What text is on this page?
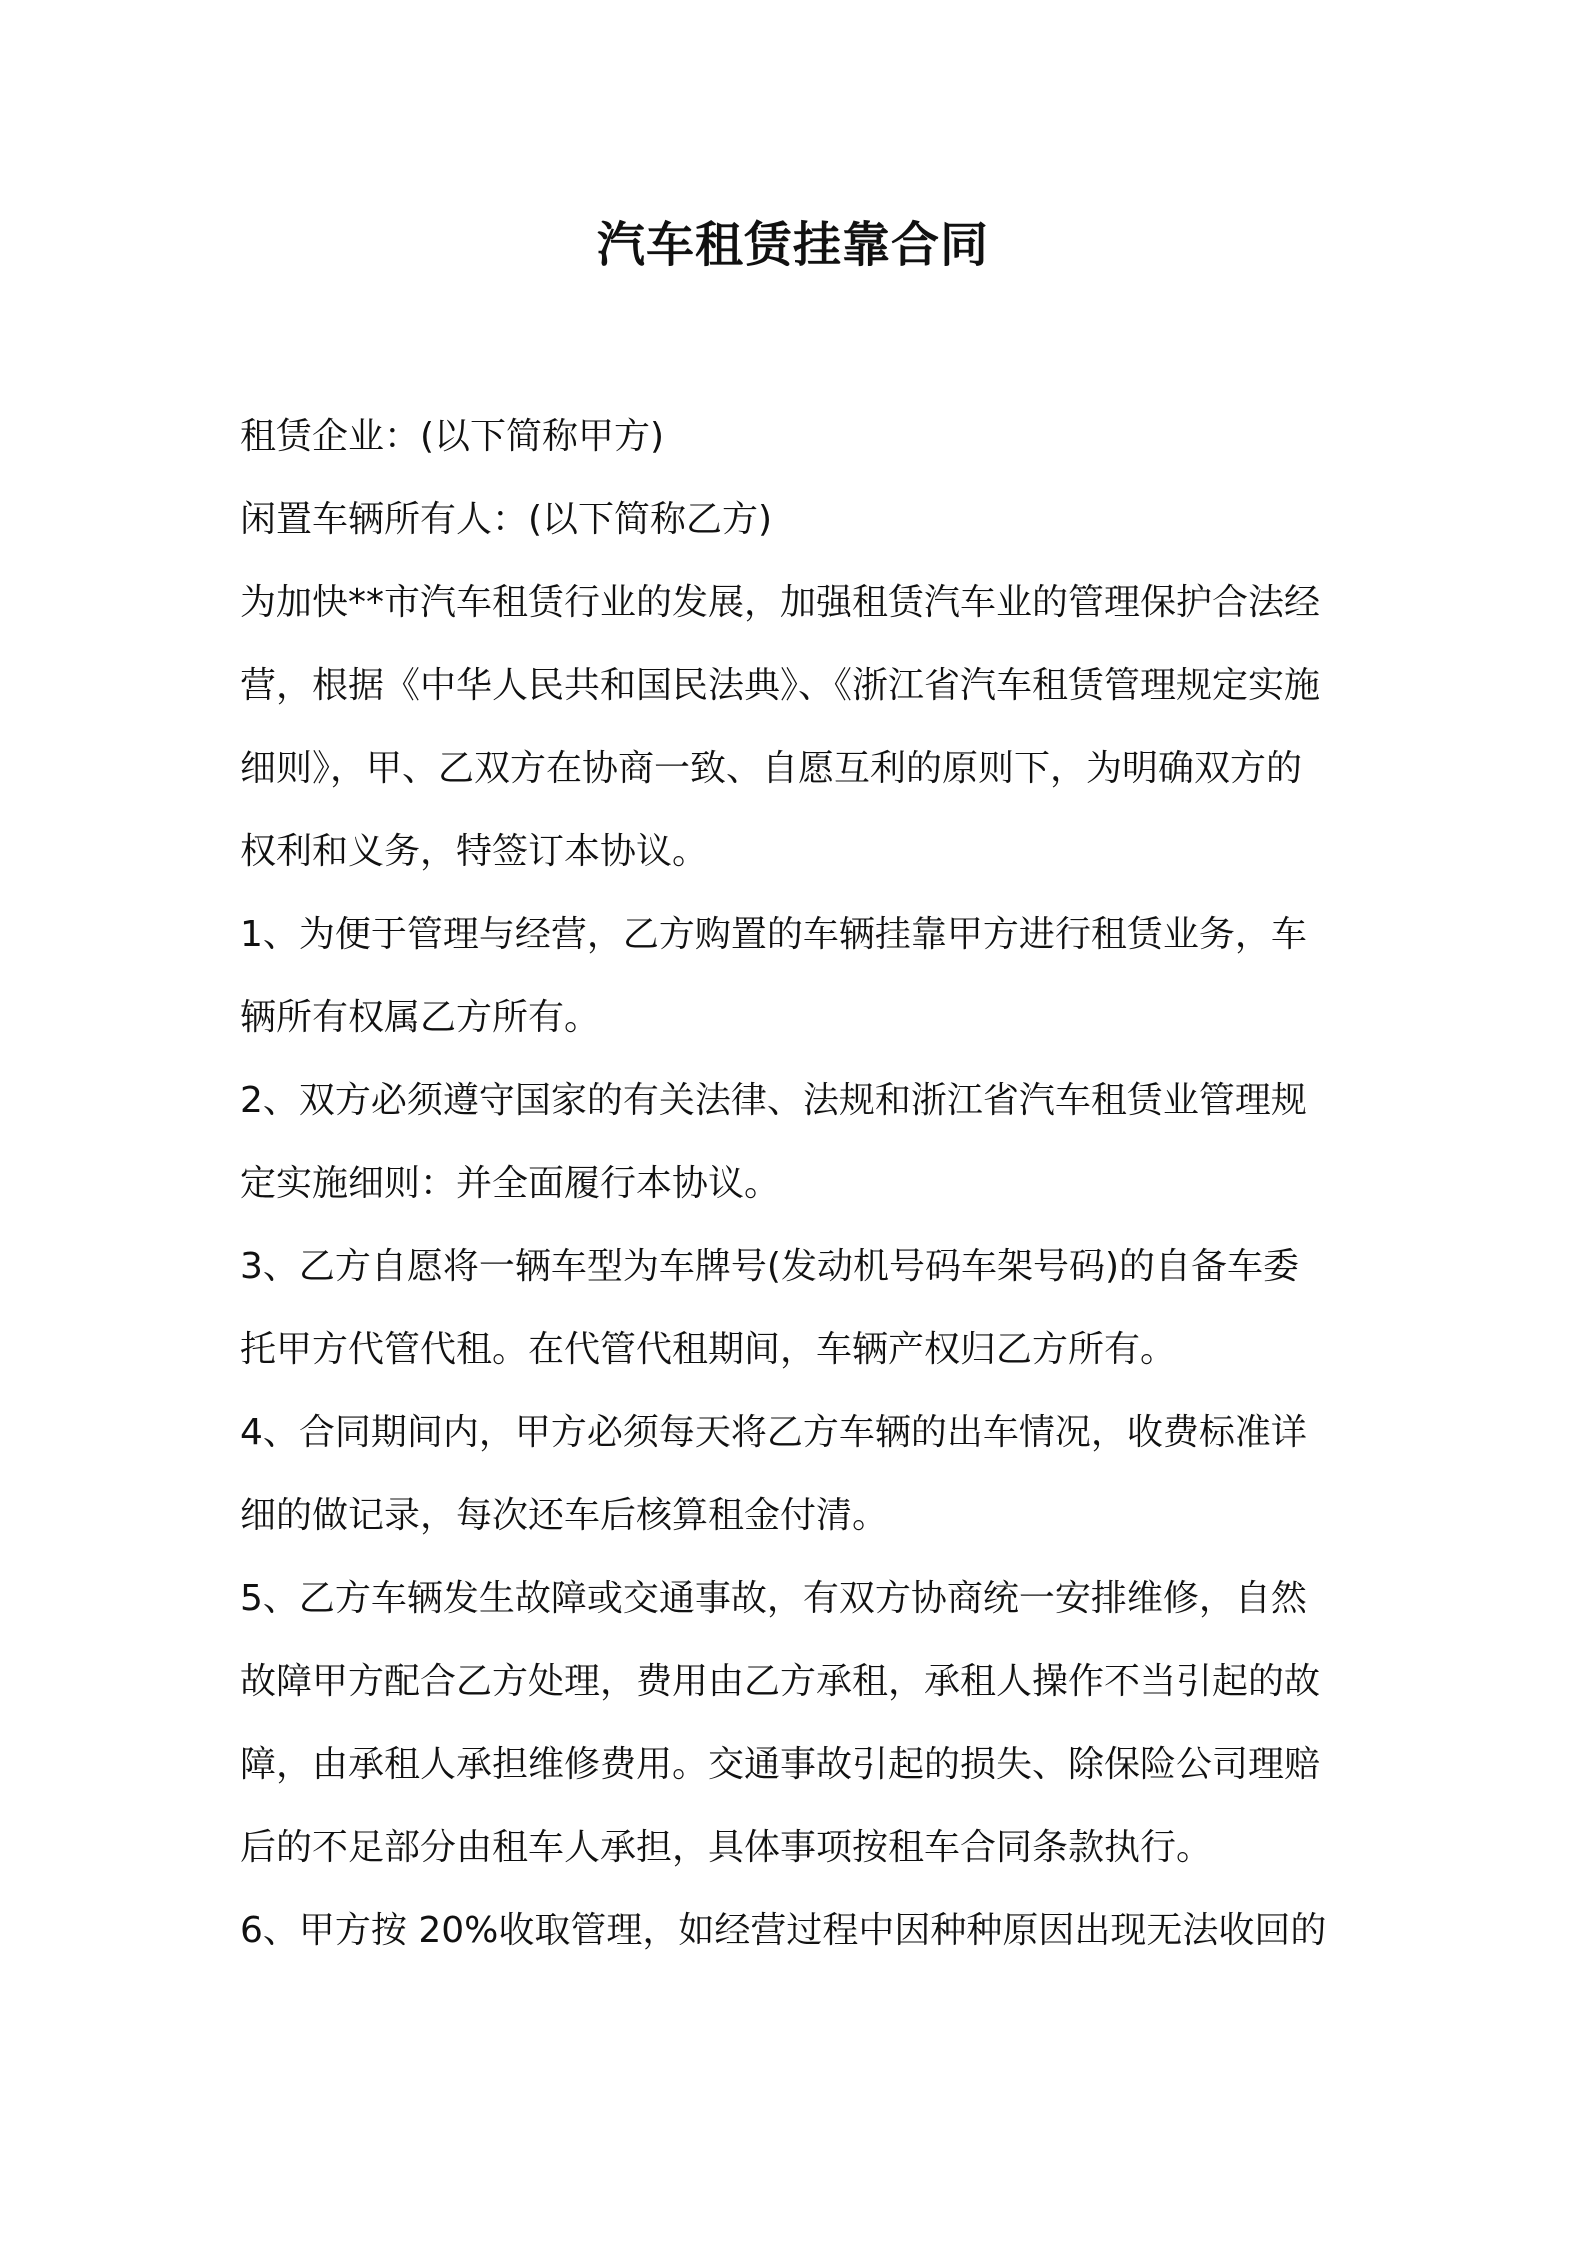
汽车租赁挂靠合同

租赁企业：(以下简称甲方)

闲置车辆所有人：(以下简称乙方)

为加快**市汽车租赁行业的发展，加强租赁汽车业的管理保护合法经

营，根据《中华人民共和国民法典》、《浙江省汽车租赁管理规定实施

细则》，甲、乙双方在协商一致、自愿互利的原则下，为明确双方的

权利和义务，特签订本协议。

1、为便于管理与经营，乙方购置的车辆挂靠甲方进行租赁业务，车

辆所有权属乙方所有。

2、双方必须遵守国家的有关法律、法规和浙江省汽车租赁业管理规

定实施细则：并全面履行本协议。

3、乙方自愿将一辆车型为车牌号(发动机号码车架号码)的自备车委

托甲方代管代租。在代管代租期间，车辆产权归乙方所有。

4、合同期间内，甲方必须每天将乙方车辆的出车情况，收费标准详

细的做记录，每次还车后核算租金付清。

5、乙方车辆发生故障或交通事故，有双方协商统一安排维修，自然

故障甲方配合乙方处理，费用由乙方承租，承租人操作不当引起的故

障，由承租人承担维修费用。交通事故引起的损失、除保险公司理赔

后的不足部分由租车人承担，具体事项按租车合同条款执行。

6、甲方按 20%收取管理，如经营过程中因种种原因出现无法收回的
